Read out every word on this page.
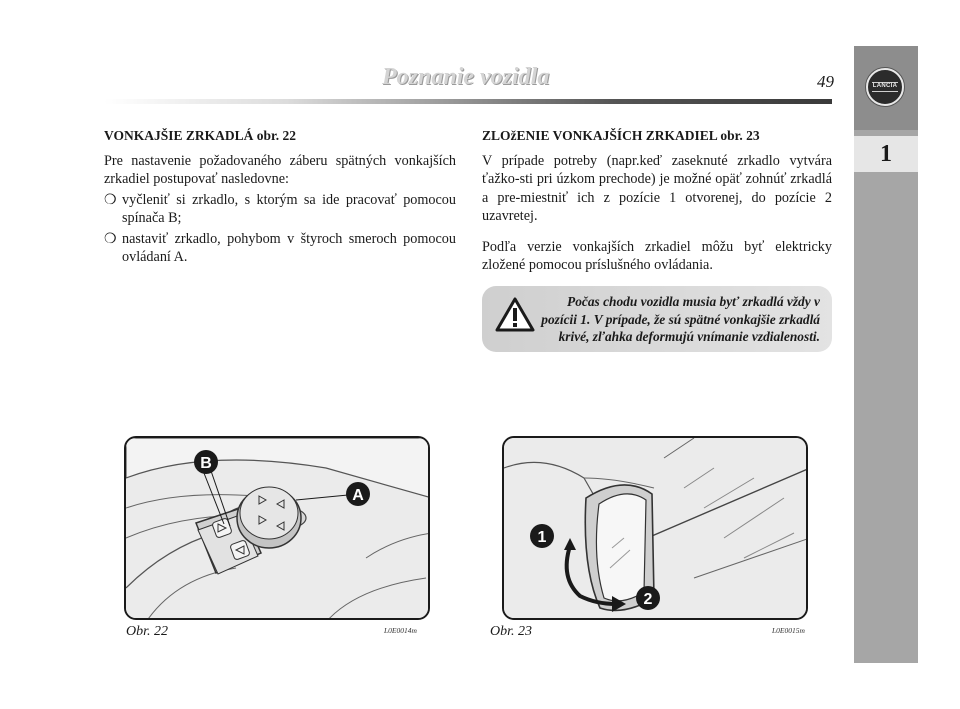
Poznanie vozidla	49	LANCIA
1
VONKAJŠIE ZRKADLÁ obr. 22
Pre nastavenie požadovaného záberu spätných vonkajších zrkadiel postupovať nasledovne:
❍ vyčleniť si zrkadlo, s ktorým sa ide pracovať pomocou spínača B;
❍ nastaviť zrkadlo, pohybom v štyroch smeroch pomocou ovládaní A.
ZLOžENIE VONKAJŠÍCH ZRKADIEL obr. 23
V prípade potreby (napr.keď zaseknuté zrkadlo vytvára ťažko-sti pri úzkom prechode) je možné opäť zohnúť zrkadlá a pre-miestniť ich z pozície 1 otvorenej, do pozície 2 uzavretej.
Podľa verzie vonkajších zrkadiel môžu byť elektricky zložené pomocou príslušného ovládania.
Počas chodu vozidla musia byť zrkadlá vždy v pozícii 1. V prípade, že sú spätné vonkajšie zrkadlá krivé, zľahka deformujú vnímanie vzdialenosti.
B
A
1
2
Obr. 22	L0E0014m	Obr. 23	L0E0015m
